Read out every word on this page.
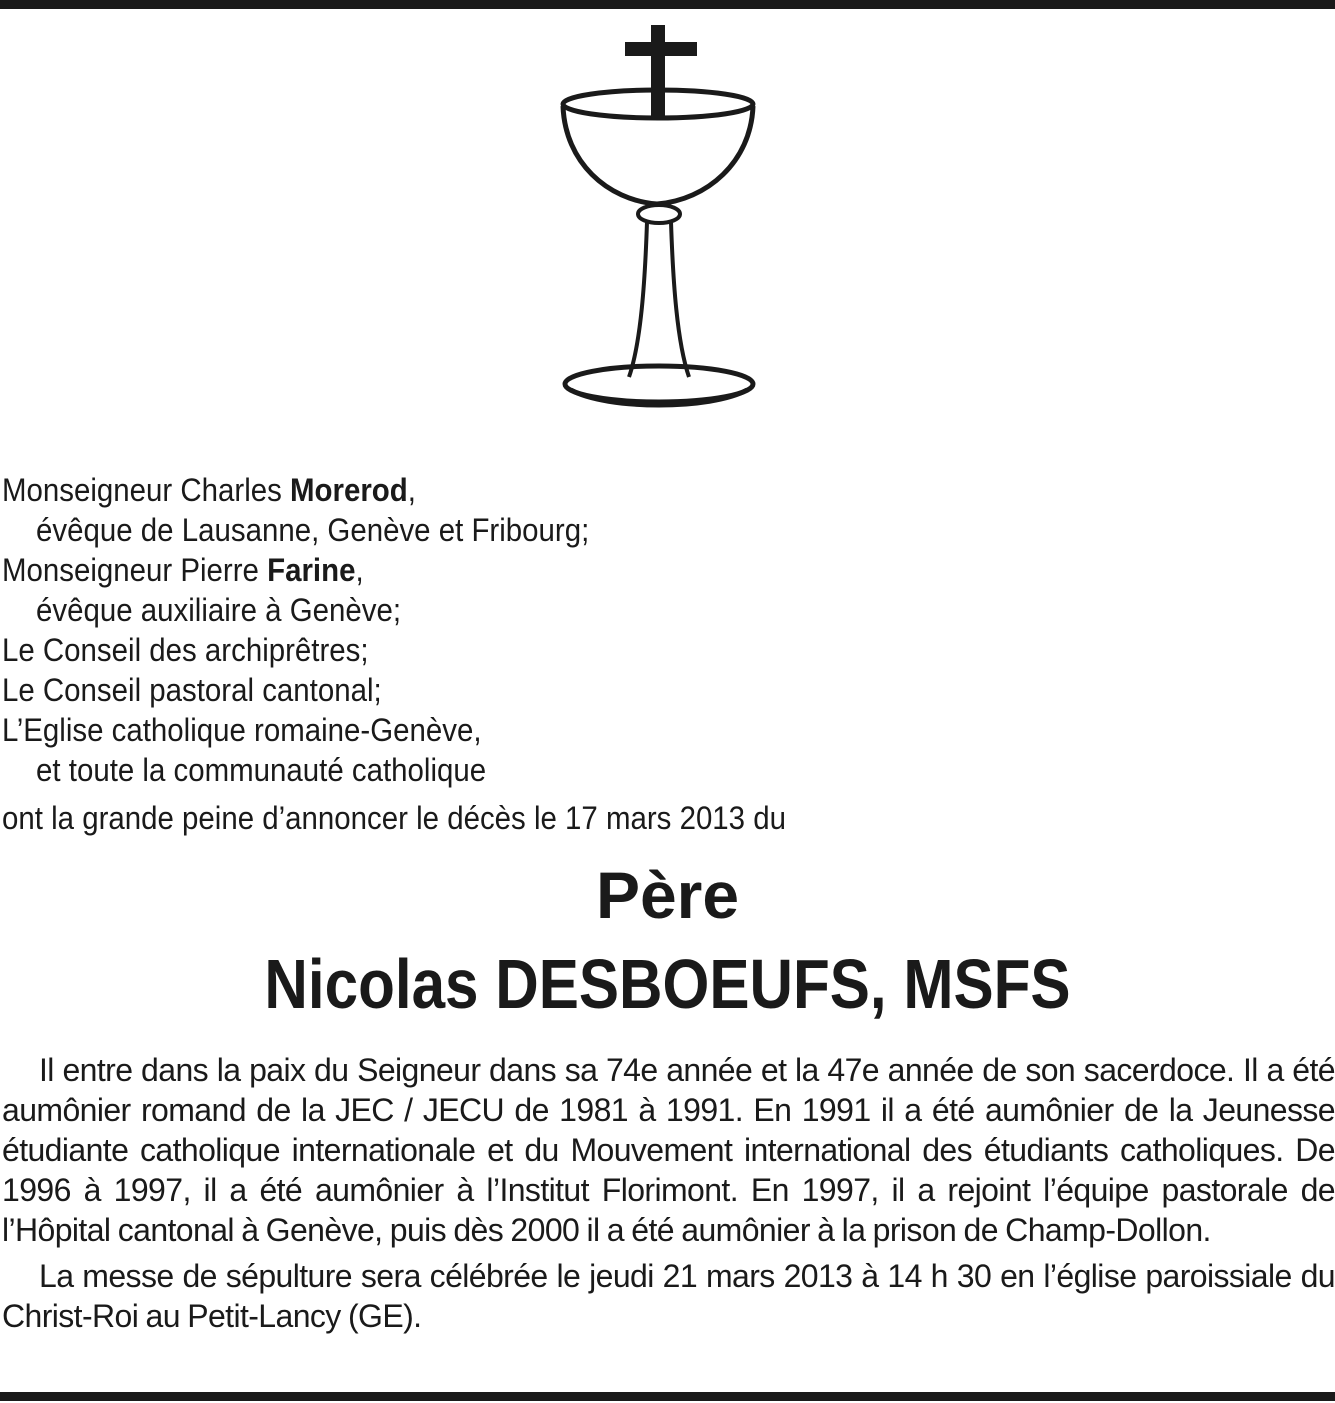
Monseigneur Charles Morerod,
évêque de Lausanne, Genève et Fribourg;
Monseigneur Pierre Farine,
évêque auxiliaire à Genève;
Le Conseil des archiprêtres;
Le Conseil pastoral cantonal;
L’Eglise catholique romaine-Genève,
et toute la communauté catholique
ont la grande peine d’annoncer le décès le 17 mars 2013 du
Père
Nicolas DESBOEUFS, MSFS

Il entre dans la paix du Seigneur dans sa 74e année et la 47e année de son sacerdoce. Il a été aumônier romand de la JEC / JECU de 1981 à 1991. En 1991 il a été aumônier de la Jeunesse étudiante catholique internationale et du Mouvement international des étudiants catholiques. De 1996 à 1997, il a été aumônier à l’Institut Florimont. En 1997, il a rejoint l’équipe pastorale de l’Hôpital cantonal à Genève, puis dès 2000 il a été aumônier à la prison de Champ-Dollon.

La messe de sépulture sera célébrée le jeudi 21 mars 2013 à 14 h 30 en l’église paroissiale du Christ-Roi au Petit-Lancy (GE).
